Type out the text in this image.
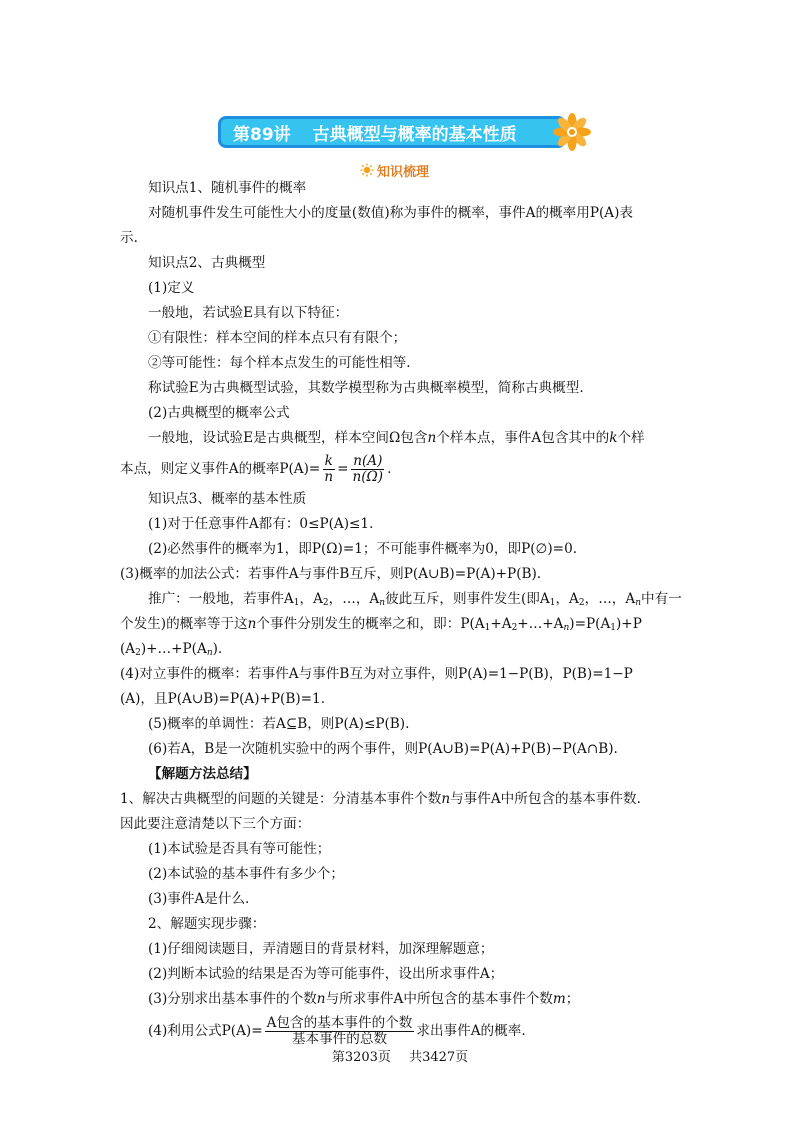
第89讲 古典概型与概率的基本性质
知识梳理

知识点1、随机事件的概率

对随机事件发生可能性大小的度量(数值)称为事件的概率，事件A的概率用P(A)表

示.

知识点2、古典概型

(1)定义

一般地，若试验E具有以下特征：

①有限性：样本空间的样本点只有有限个；

②等可能性：每个样本点发生的可能性相等.

称试验E为古典概型试验，其数学模型称为古典概率模型，简称古典概型.

(2)古典概型的概率公式

一般地，设试验E是古典概型，样本空间Ω包含n个样本点，事件A包含其中的k个样

本点，则定义事件A的概率$P(A)= \frac{k}{n} = \frac{n(A)}{n(\Omega)}$ .

知识点3、概率的基本性质

(1)对于任意事件A都有：0≤P(A)≤1.

(2)必然事件的概率为1，即P(Ω)=1；不可能事件概率为0，即P(∅)=0.

(3)概率的加法公式：若事件A与事件B互斥，则P(A∪B)=P(A)+P(B).

推广：一般地，若事件$A_1$，$A_2$，…，$A_n$彼此互斥，则事件发生(即$A_1$，$A_2$，…，$A_n$中有一个发生)的概率等于这n个事件分别发生的概率之和，即：$P(A_1+A_2+\dots+A_n)=P(A_1)+P$
$(A_2)+\dots+P(A_n)$.

(4)对立事件的概率：若事件A与事件B互为对立事件，则P(A)=1−P(B)，P(B)=1−P

(A)，且P(A∪B)=P(A)+P(B)=1.

(5)概率的单调性：若A⊆B，则P(A)≤P(B).

(6)若A，B是一次随机实验中的两个事件，则P(A∪B)=P(A)+P(B)−P(A∩B).

【解题方法总结】

1、解决古典概型的问题的关键是：分清基本事件个数n与事件A中所包含的基本事件数.

因此要注意清楚以下三个方面：

(1)本试验是否具有等可能性；

(2)本试验的基本事件有多少个；

(3)事件A是什么.

2、解题实现步骤：

(1)仔细阅读题目，弄清题目的背景材料，加深理解题意；

(2)判断本试验的结果是否为等可能事件，设出所求事件A；

(3)分别求出基本事件的个数n与所求事件A中所包含的基本事件个数m；

(4)利用公式$P(A)= \frac{\text{A包含的基本事件的个数}}{\text{基本事件的总数}}$ 求出事件A的概率.

第3203页 共3427页
